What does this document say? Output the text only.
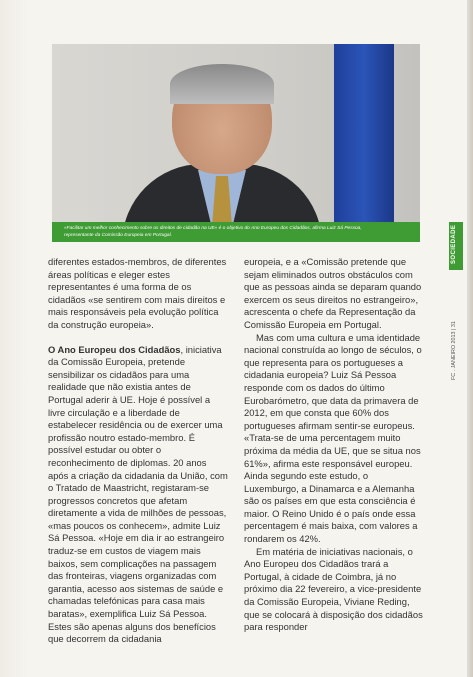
«Facilitar um melhor conhecimento sobre os direitos de cidadão na UE» é o objetivo do Ano Europeu dos Cidadãos, afirma Luiz Sá Pessoa, representante da Comissão Europeia em Portugal.	SOCIEDADE
FC . JANEIRO 2013 | 31

diferentes estados-membros, de diferentes áreas políticas e eleger estes representantes é uma forma de os cidadãos «se sentirem com mais direitos e mais responsáveis pela evolução política da construção europeia».

O Ano Europeu dos Cidadãos, iniciativa da Comissão Europeia, pretende sensibilizar os cidadãos para uma realidade que não existia antes de Portugal aderir à UE. Hoje é possível a livre circulação e a liberdade de estabelecer residência ou de exercer uma profissão noutro estado-membro. É possível estudar ou obter o reconhecimento de diplomas. 20 anos após a criação da cidadania da União, com o Tratado de Maastricht, registaram-se progressos concretos que afetam diretamente a vida de milhões de pessoas, «mas poucos os conhecem», admite Luiz Sá Pessoa. «Hoje em dia ir ao estrangeiro traduz-se em custos de viagem mais baixos, sem complicações na passagem das fronteiras, viagens organizadas com garantia, acesso aos sistemas de saúde e chamadas telefónicas para casa mais baratas», exemplifica Luiz Sá Pessoa. Estes são apenas alguns dos benefícios que decorrem da cidadania

europeia, e a «Comissão pretende que sejam eliminados outros obstáculos com que as pessoas ainda se deparam quando exercem os seus direitos no estrangeiro», acrescenta o chefe da Representação da Comissão Europeia em Portugal.

Mas com uma cultura e uma identidade nacional construída ao longo de séculos, o que representa para os portugueses a cidadania europeia? Luiz Sá Pessoa responde com os dados do último Eurobarómetro, que data da primavera de 2012, em que consta que 60% dos portugueses afirmam sentir-se europeus. «Trata-se de uma percentagem muito próxima da média da UE, que se situa nos 61%», afirma este responsável europeu. Ainda segundo este estudo, o Luxemburgo, a Dinamarca e a Alemanha são os países em que esta consciência é maior. O Reino Unido é o país onde essa percentagem é mais baixa, com valores a rondarem os 42%.

Em matéria de iniciativas nacionais, o Ano Europeu dos Cidadãos trará a Portugal, à cidade de Coimbra, já no próximo dia 22 fevereiro, a vice-presidente da Comissão Europeia, Viviane Reding, que se colocará à disposição dos cidadãos para responder
